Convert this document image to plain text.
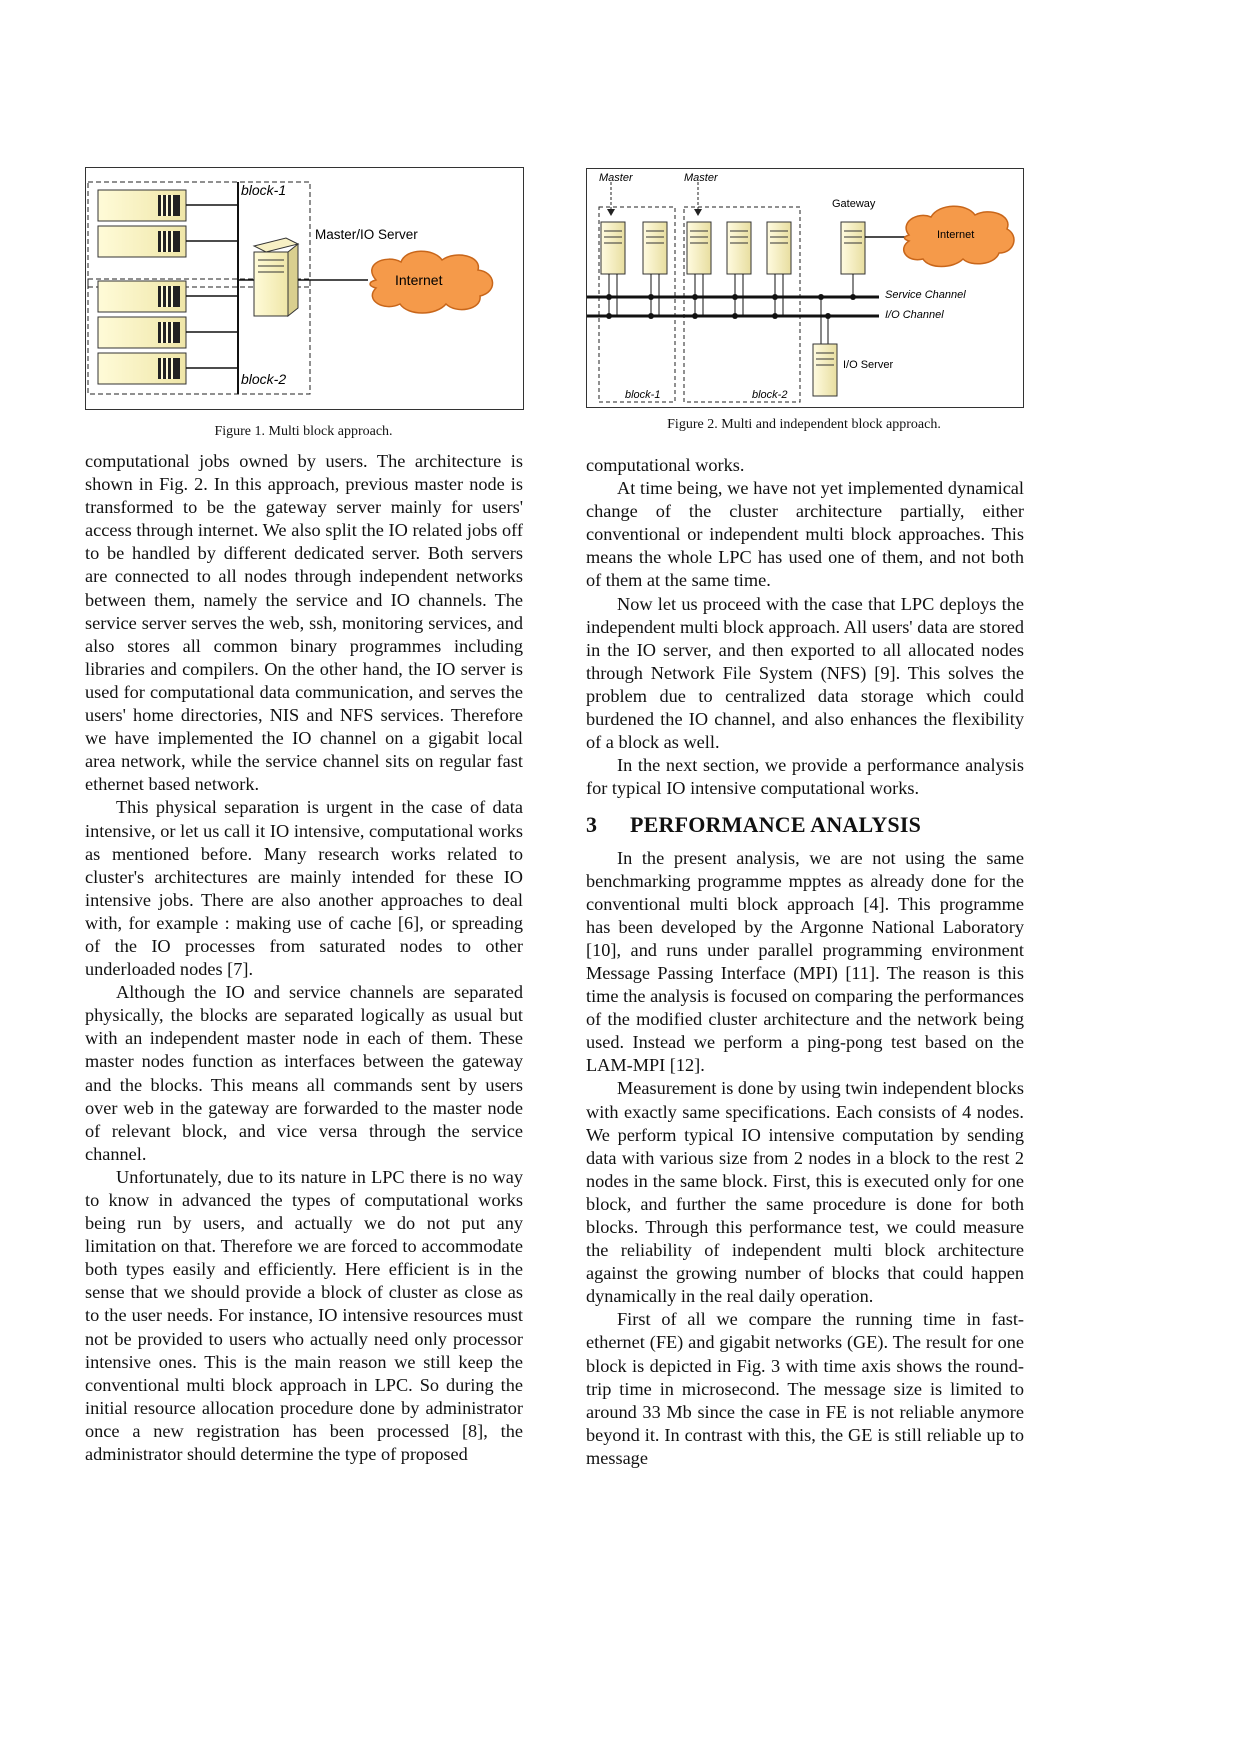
block-1
block-2
Master/IO Server
Internet
Figure 1. Multi block approach.
Master	Master
Gateway
Internet
Service Channel
I/O Channel
I/O Server
block-1	block-2
Figure 2. Multi and independent block approach.

computational jobs owned by users. The architecture is shown in Fig. 2. In this approach, previous master node is transformed to be the gateway server mainly for users' access through internet. We also split the IO related jobs off to be handled by different dedicated server. Both servers are connected to all nodes through independent networks between them, namely the service and IO channels. The service server serves the web, ssh, monitoring services, and also stores all common binary programmes including libraries and compilers. On the other hand, the IO server is used for computational data communication, and serves the users' home directories, NIS and NFS services. Therefore we have implemented the IO channel on a gigabit local area network, while the service channel sits on regular fast ethernet based network.

This physical separation is urgent in the case of data intensive, or let us call it IO intensive, computational works as mentioned before. Many research works related to cluster's architectures are mainly intended for these IO intensive jobs. There are also another approaches to deal with, for example : making use of cache [6], or spreading of the IO processes from saturated nodes to other underloaded nodes [7].

Although the IO and service channels are separated physically, the blocks are separated logically as usual but with an independent master node in each of them. These master nodes function as interfaces between the gateway and the blocks. This means all commands sent by users over web in the gateway are forwarded to the master node of relevant block, and vice versa through the service channel.

Unfortunately, due to its nature in LPC there is no way to know in advanced the types of computational works being run by users, and actually we do not put any limitation on that. Therefore we are forced to accommodate both types easily and efficiently. Here efficient is in the sense that we should provide a block of cluster as close as to the user needs. For instance, IO intensive resources must not be provided to users who actually need only processor intensive ones. This is the main reason we still keep the conventional multi block approach in LPC. So during the initial resource allocation procedure done by administrator once a new registration has been processed [8], the administrator should determine the type of proposed

computational works.

At time being, we have not yet implemented dynamical change of the cluster architecture partially, either conventional or independent multi block approaches. This means the whole LPC has used one of them, and not both of them at the same time.

Now let us proceed with the case that LPC deploys the independent multi block approach. All users' data are stored in the IO server, and then exported to all allocated nodes through Network File System (NFS) [9]. This solves the problem due to centralized data storage which could burdened the IO channel, and also enhances the flexibility of a block as well.

In the next section, we provide a performance analysis for typical IO intensive computational works.

3 PERFORMANCE ANALYSIS

In the present analysis, we are not using the same benchmarking programme mpptes as already done for the conventional multi block approach [4]. This programme has been developed by the Argonne National Laboratory [10], and runs under parallel programming environment Message Passing Interface (MPI) [11]. The reason is this time the analysis is focused on comparing the performances of the modified cluster architecture and the network being used. Instead we perform a ping-pong test based on the LAM-MPI [12].

Measurement is done by using twin independent blocks with exactly same specifications. Each consists of 4 nodes. We perform typical IO intensive computation by sending data with various size from 2 nodes in a block to the rest 2 nodes in the same block. First, this is executed only for one block, and further the same procedure is done for both blocks. Through this performance test, we could measure the reliability of independent multi block architecture against the growing number of blocks that could happen dynamically in the real daily operation.

First of all we compare the running time in fast-ethernet (FE) and gigabit networks (GE). The result for one block is depicted in Fig. 3 with time axis shows the round-trip time in microsecond. The message size is limited to around 33 Mb since the case in FE is not reliable anymore beyond it. In contrast with this, the GE is still reliable up to message
